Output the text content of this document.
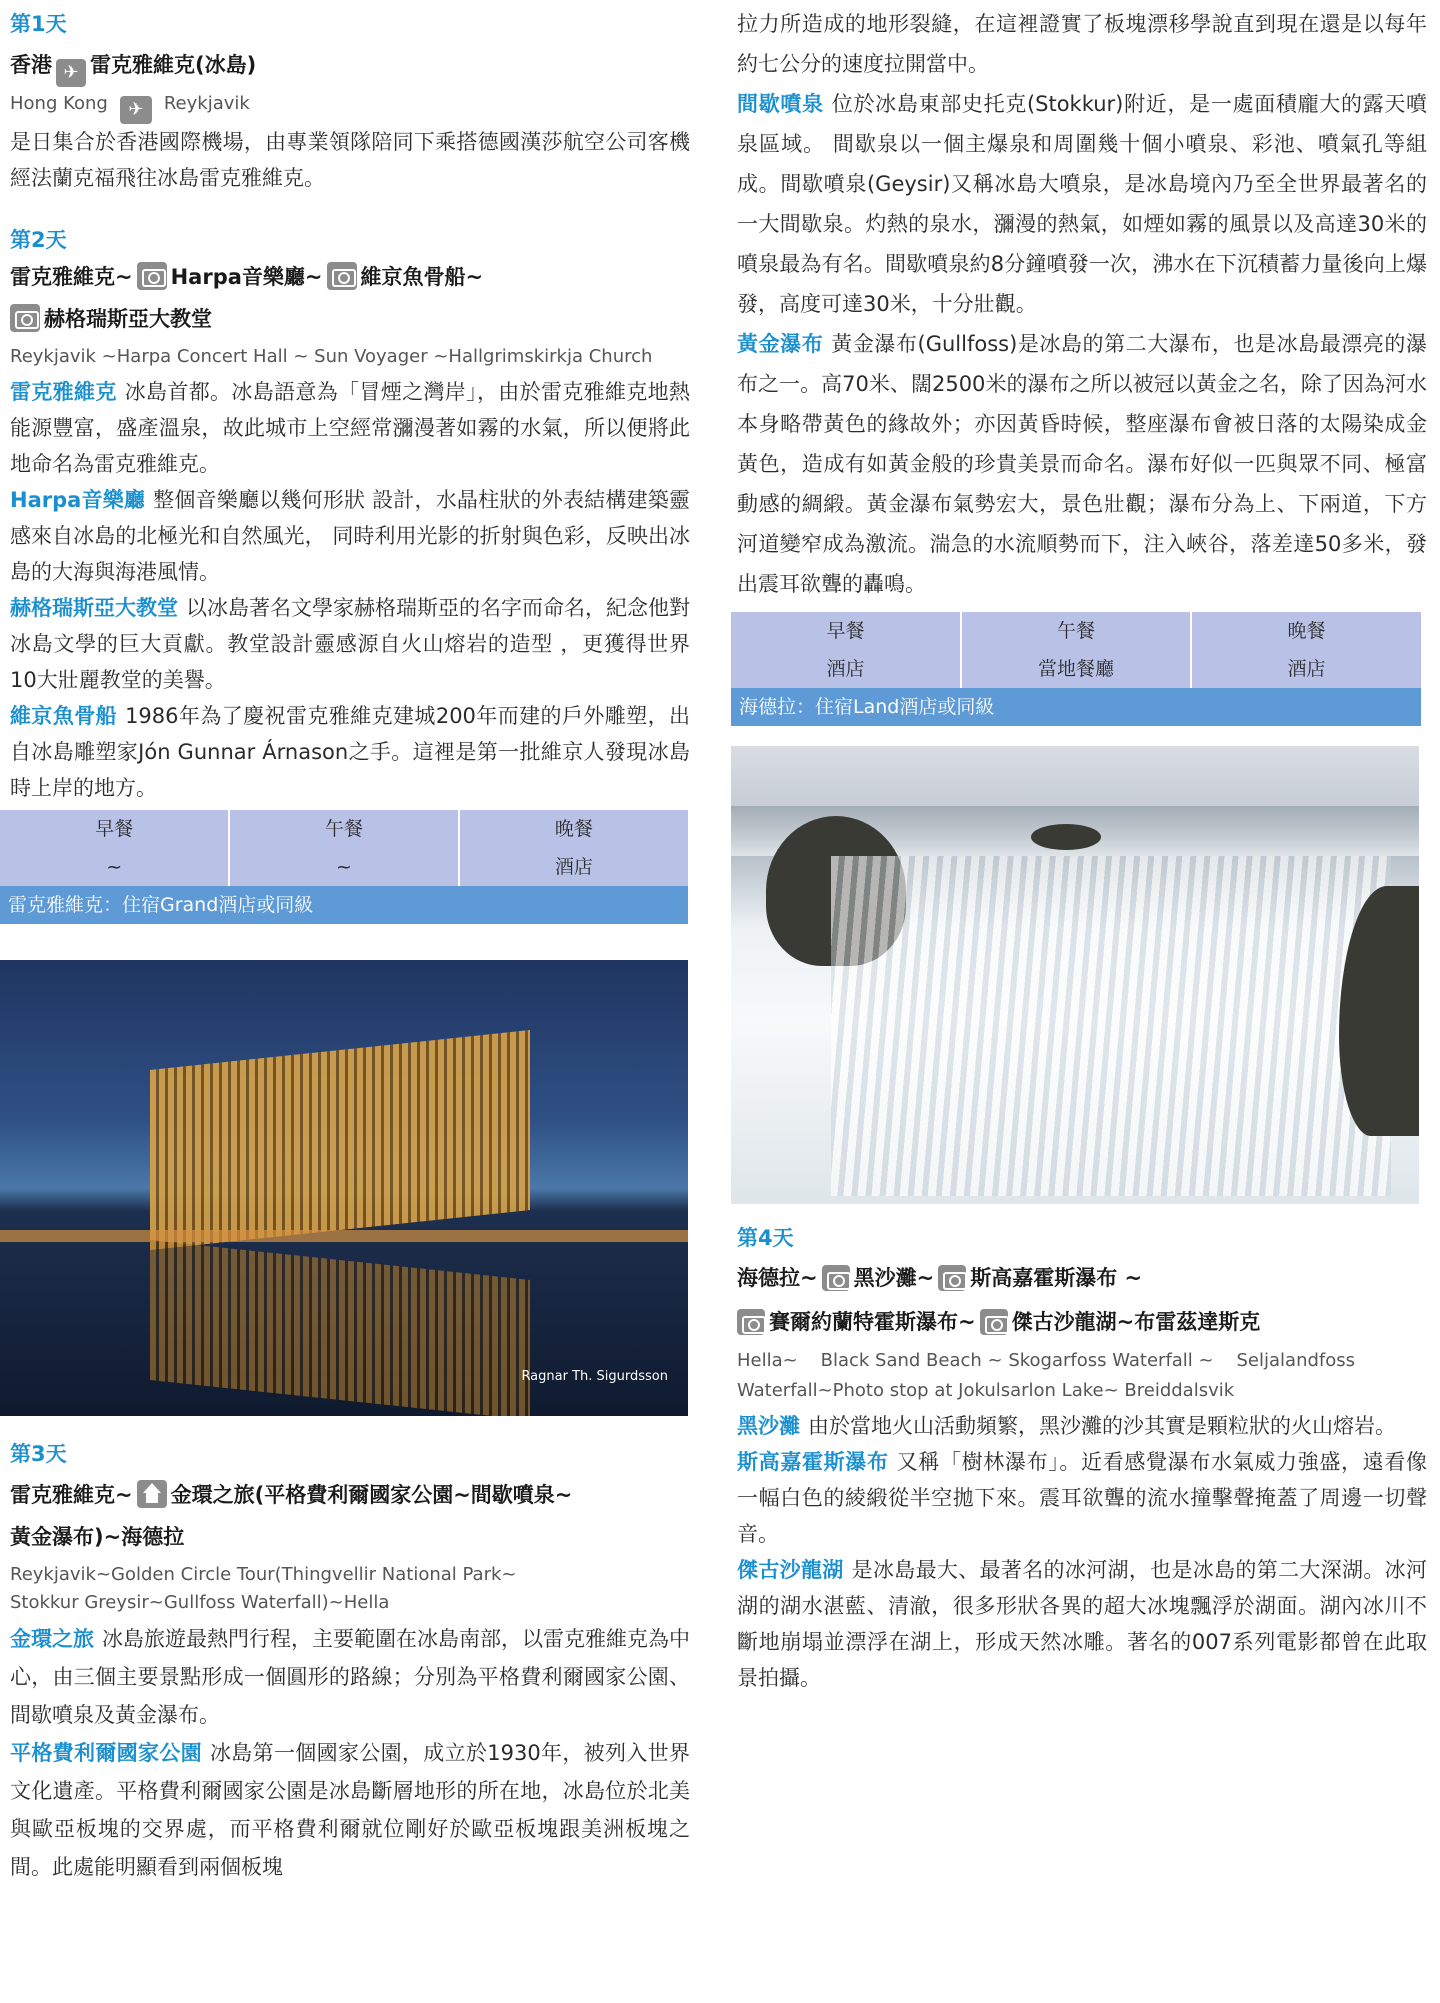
第1天
香港 ✈ 雷克雅維克(冰島)
Hong Kong ✈ Reykjavik

是日集合於香港國際機場，由專業領隊陪同下乘搭德國漢莎航空公司客機經法蘭克福飛往冰島雷克雅維克。

第2天
雷克雅維克~ Harpa音樂廳~ 維京魚骨船~
赫格瑞斯亞大教堂
Reykjavik ~Harpa Concert Hall ~ Sun Voyager ~Hallgrimskirkja Church

雷克雅維克 冰島首都。冰島語意為「冒煙之灣岸」，由於雷克雅維克地熱能源豐富，盛產溫泉，故此城市上空經常瀰漫著如霧的水氣，所以便將此地命名為雷克雅維克。

Harpa音樂廳 整個音樂廳以幾何形狀 設計，水晶柱狀的外表結構建築靈感來自冰島的北極光和自然風光， 同時利用光影的折射與色彩，反映出冰島的大海與海港風情。

赫格瑞斯亞大教堂 以冰島著名文學家赫格瑞斯亞的名字而命名，紀念他對冰島文學的巨大貢獻。教堂設計靈感源自火山熔岩的造型 ，更獲得世界10大壯麗教堂的美譽。

維京魚骨船 1986年為了慶祝雷克雅維克建城200年而建的戶外雕塑，出自冰島雕塑家Jón Gunnar Árnason之手。這裡是第一批維京人發現冰島時上岸的地方。

早餐	午餐	晚餐
~	~	酒店
雷克雅維克：住宿Grand酒店或同級
Ragnar Th. Sigurdsson
第3天
雷克雅維克~ 金環之旅(平格費利爾國家公園~間歇噴泉~
黃金瀑布)~海德拉
Reykjavik~Golden Circle Tour(Thingvellir National Park~
Stokkur Greysir~Gullfoss Waterfall)~Hella

金環之旅 冰島旅遊最熱門行程，主要範圍在冰島南部，以雷克雅維克為中心，由三個主要景點形成一個圓形的路線；分別為平格費利爾國家公園、間歇噴泉及黃金瀑布。

平格費利爾國家公園 冰島第一個國家公園，成立於1930年，被列入世界文化遺產。平格費利爾國家公園是冰島斷層地形的所在地，冰島位於北美與歐亞板塊的交界處，而平格費利爾就位剛好於歐亞板塊跟美洲板塊之間。此處能明顯看到兩個板塊

拉力所造成的地形裂縫，在這裡證實了板塊漂移學說直到現在還是以每年約七公分的速度拉開當中。

間歇噴泉 位於冰島東部史托克(Stokkur)附近，是一處面積龐大的露天噴泉區域。 間歇泉以一個主爆泉和周圍幾十個小噴泉、彩池、噴氣孔等組成。間歇噴泉(Geysir)又稱冰島大噴泉，是冰島境內乃至全世界最著名的一大間歇泉。灼熱的泉水，瀰漫的熱氣，如煙如霧的風景以及高達30米的噴泉最為有名。間歇噴泉約8分鐘噴發一次，沸水在下沉積蓄力量後向上爆發，高度可達30米，十分壯觀。

黃金瀑布 黃金瀑布(Gullfoss)是冰島的第二大瀑布，也是冰島最漂亮的瀑布之一。高70米、闊2500米的瀑布之所以被冠以黃金之名，除了因為河水本身略帶黃色的緣故外；亦因黃昏時候，整座瀑布會被日落的太陽染成金黃色，造成有如黃金般的珍貴美景而命名。瀑布好似一匹與眾不同、極富動感的綢緞。黃金瀑布氣勢宏大，景色壯觀；瀑布分為上、下兩道，下方河道變窄成為激流。湍急的水流順勢而下，注入峽谷，落差達50多米，發出震耳欲聾的轟鳴。

早餐	午餐	晚餐
酒店	當地餐廳	酒店
海德拉：住宿Land酒店或同級
第4天
海德拉~ 黑沙灘~ 斯高嘉霍斯瀑布 ~
賽爾約蘭特霍斯瀑布~ 傑古沙龍湖~布雷茲達斯克
Hella~    Black Sand Beach ~ Skogarfoss Waterfall ~    Seljalandfoss
Waterfall~Photo stop at Jokulsarlon Lake~ Breiddalsvik

黑沙灘 由於當地火山活動頻繁，黑沙灘的沙其實是顆粒狀的火山熔岩。

斯高嘉霍斯瀑布 又稱「樹林瀑布」。近看感覺瀑布水氣威力強盛，遠看像一幅白色的綾緞從半空拋下來。震耳欲聾的流水撞擊聲掩蓋了周邊一切聲音。

傑古沙龍湖 是冰島最大、最著名的冰河湖，也是冰島的第二大深湖。冰河湖的湖水湛藍、清澈，很多形狀各異的超大冰塊飄浮於湖面。湖內冰川不斷地崩塌並漂浮在湖上，形成天然冰雕。著名的007系列電影都曾在此取景拍攝。
